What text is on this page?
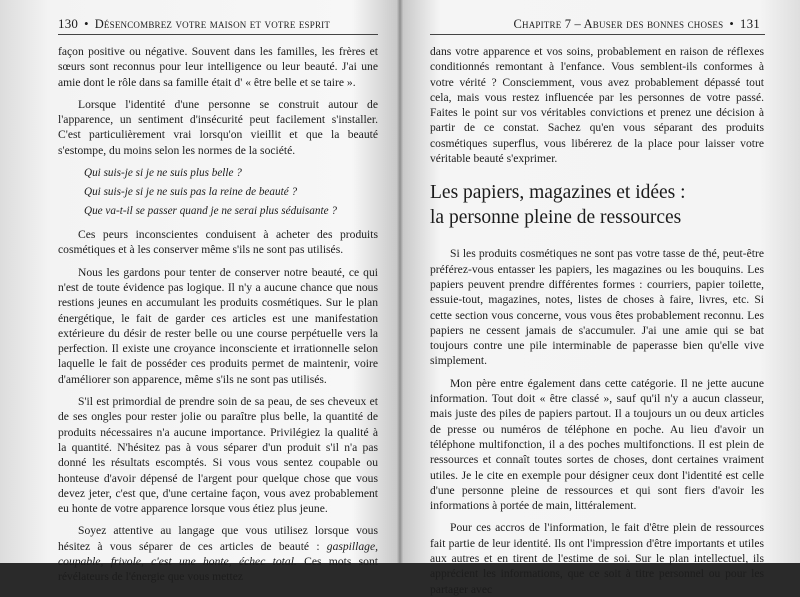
130 • Désencombrez votre maison et votre esprit

façon positive ou négative. Souvent dans les familles, les frères et sœurs sont reconnus pour leur intelligence ou leur beauté. J'ai une amie dont le rôle dans sa famille était d' « être belle et se taire ».

Lorsque l'identité d'une personne se construit autour de l'apparence, un sentiment d'insécurité peut facilement s'installer. C'est particulièrement vrai lorsqu'on vieillit et que la beauté s'estompe, du moins selon les normes de la société.

Qui suis-je si je ne suis plus belle ?
Qui suis-je si je ne suis pas la reine de beauté ?
Que va-t-il se passer quand je ne serai plus séduisante ?

Ces peurs inconscientes conduisent à acheter des produits cosmétiques et à les conserver même s'ils ne sont pas utilisés.

Nous les gardons pour tenter de conserver notre beauté, ce qui n'est de toute évidence pas logique. Il n'y a aucune chance que nous restions jeunes en accumulant les produits cosmétiques. Sur le plan énergétique, le fait de garder ces articles est une manifestation extérieure du désir de rester belle ou une course perpétuelle vers la perfection. Il existe une croyance inconsciente et irrationnelle selon laquelle le fait de posséder ces produits permet de maintenir, voire d'améliorer son apparence, même s'ils ne sont pas utilisés.

S'il est primordial de prendre soin de sa peau, de ses cheveux et de ses ongles pour rester jolie ou paraître plus belle, la quantité de produits nécessaires n'a aucune importance. Privilégiez la qualité à la quantité. N'hésitez pas à vous séparer d'un produit s'il n'a pas donné les résultats escomptés. Si vous vous sentez coupable ou honteuse d'avoir dépensé de l'argent pour quelque chose que vous devez jeter, c'est que, d'une certaine façon, vous avez probablement eu honte de votre apparence lorsque vous étiez plus jeune.

Soyez attentive au langage que vous utilisez lorsque vous hésitez à vous séparer de ces articles de beauté : gaspillage, coupable, frivole, c'est une honte, échec total. Ces mots sont révélateurs de l'énergie que vous mettez

Chapitre 7 – Abuser des bonnes choses • 131

dans votre apparence et vos soins, probablement en raison de réflexes conditionnés remontant à l'enfance. Vous semblent-ils conformes à votre vérité ? Consciemment, vous avez probablement dépassé tout cela, mais vous restez influencée par les personnes de votre passé. Faites le point sur vos véritables convictions et prenez une décision à partir de ce constat. Sachez qu'en vous séparant des produits cosmétiques superflus, vous libérerez de la place pour laisser votre véritable beauté s'exprimer.

Les papiers, magazines et idées :
la personne pleine de ressources

Si les produits cosmétiques ne sont pas votre tasse de thé, peut-être préférez-vous entasser les papiers, les magazines ou les bouquins. Les papiers peuvent prendre différentes formes : courriers, papier toilette, essuie-tout, magazines, notes, listes de choses à faire, livres, etc. Si cette section vous concerne, vous vous êtes probablement reconnu. Les papiers ne cessent jamais de s'accumuler. J'ai une amie qui se bat toujours contre une pile interminable de paperasse bien qu'elle vive simplement.

Mon père entre également dans cette catégorie. Il ne jette aucune information. Tout doit « être classé », sauf qu'il n'y a aucun classeur, mais juste des piles de papiers partout. Il a toujours un ou deux articles de presse ou numéros de téléphone en poche. Au lieu d'avoir un téléphone multifonction, il a des poches multifonctions. Il est plein de ressources et connaît toutes sortes de choses, dont certaines vraiment utiles. Je le cite en exemple pour désigner ceux dont l'identité est celle d'une personne pleine de ressources et qui sont fiers d'avoir les informations à portée de main, littéralement.

Pour ces accros de l'information, le fait d'être plein de ressources fait partie de leur identité. Ils ont l'impression d'être importants et utiles aux autres et en tirent de l'estime de soi. Sur le plan intellectuel, ils apprécient les informations, que ce soit à titre personnel ou pour les partager avec
